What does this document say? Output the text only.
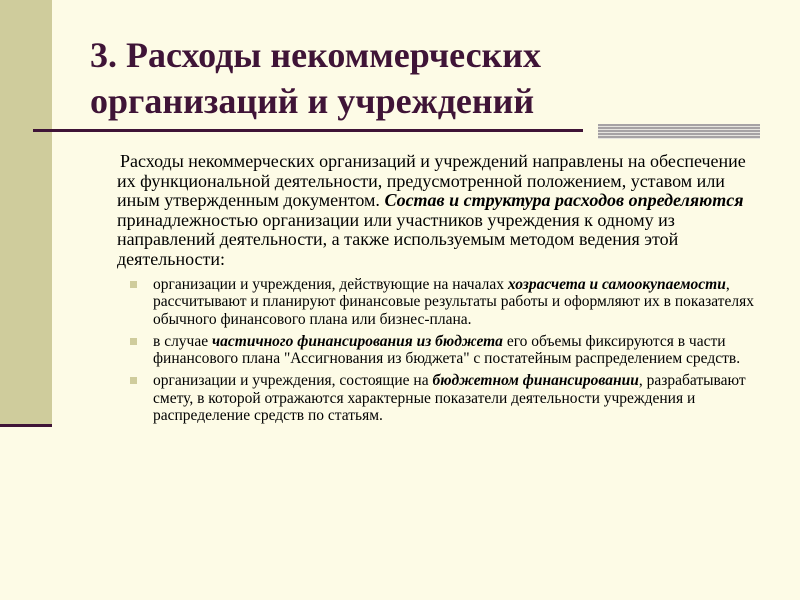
3. Расходы некоммерческих
организаций и учреждений

Расходы некоммерческих организаций и учреждений направлены на обеспечение их функциональной деятельности, предусмотренной положением, уставом или иным утвержденным документом. Состав и структура расходов определяются принадлежностью организации или участников учреждения к одному из направлений деятельности, а также используемым методом ведения этой деятельности:

организации и учреждения, действующие на началах хозрасчета и самоокупаемости, рассчитывают и планируют финансовые результаты работы и оформляют их в показателях обычного финансового плана или бизнес-плана.
в случае частичного финансирования из бюджета его объемы фиксируются в части финансового плана "Ассигнования из бюджета" с постатейным распределением средств.
организации и учреждения, состоящие на бюджетном финансировании, разрабатывают смету, в которой отражаются характерные показатели деятельности учреждения и распределение средств по статьям.
